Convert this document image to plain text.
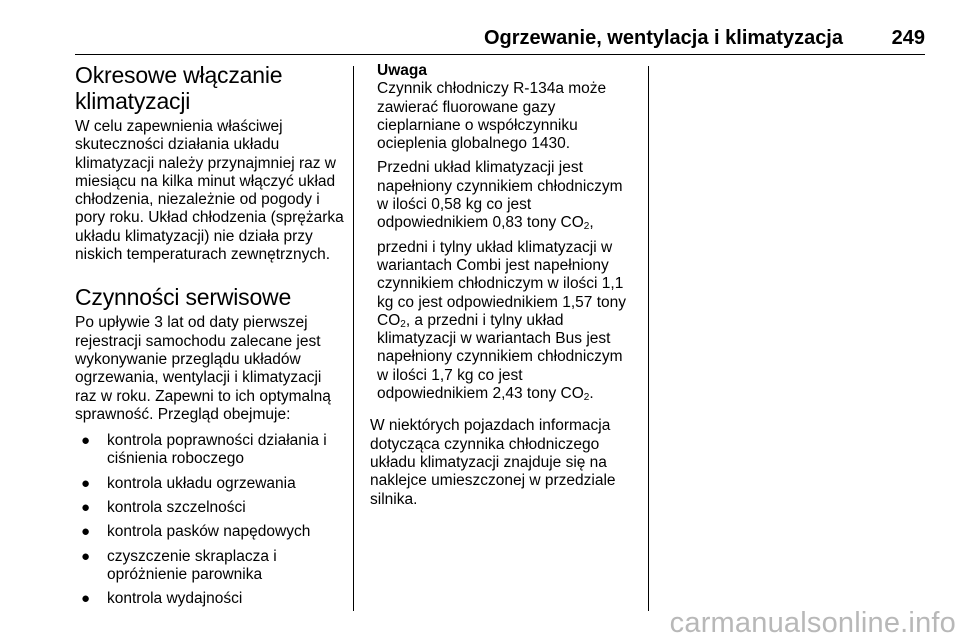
Ogrzewanie, wentylacja i klimatyzacja 249
Okresowe włączanie klimatyzacji

W celu zapewnienia właściwej skuteczności działania układu klimatyzacji należy przynajmniej raz w miesiącu na kilka minut włączyć układ chłodzenia, niezależnie od pogody i pory roku. Układ chłodzenia (sprężarka układu klimatyzacji) nie działa przy niskich temperaturach zewnętrznych.

Czynności serwisowe

Po upływie 3 lat od daty pierwszej rejestracji samochodu zalecane jest wykonywanie przeglądu układów ogrzewania, wentylacji i klimatyzacji raz w roku. Zapewni to ich optymalną sprawność. Przegląd obejmuje:

● kontrola poprawności działania i ciśnienia roboczego
● kontrola układu ogrzewania
● kontrola szczelności
● kontrola pasków napędowych
● czyszczenie skraplacza i opróżnienie parownika
● kontrola wydajności
Uwaga

Czynnik chłodniczy R-134a może zawierać fluorowane gazy cieplarniane o współczynniku ocieplenia globalnego 1430.

Przedni układ klimatyzacji jest napełniony czynnikiem chłodniczym w ilości 0,58 kg co jest odpowiednikiem 0,83 tony $CO_2$,

przedni i tylny układ klimatyzacji w wariantach Combi jest napełniony czynnikiem chłodniczym w ilości 1,1 kg co jest odpowiednikiem 1,57 tony $CO_2$, a przedni i tylny układ klimatyzacji w wariantach Bus jest napełniony czynnikiem chłodniczym w ilości 1,7 kg co jest odpowiednikiem 2,43 tony $CO_2$.

W niektórych pojazdach informacja dotycząca czynnika chłodniczego układu klimatyzacji znajduje się na naklejce umieszczonej w przedziale silnika.

carmanualsonline.info
